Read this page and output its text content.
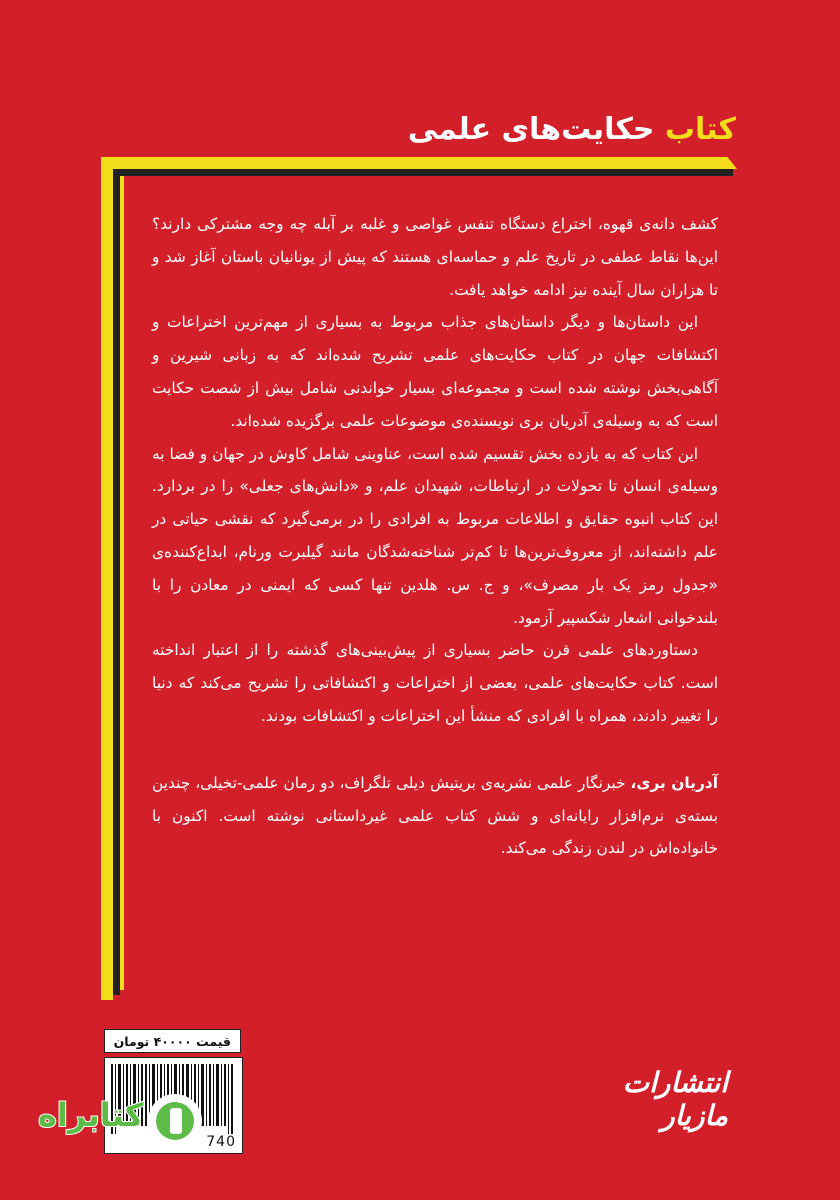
کتاب حکایت‌های علمی

کشف دانه‌ی قهوه، اختراع دستگاه تنفس غواصی و غلبه بر آبله چه وجه مشترکی دارند؟ این‌ها نقاط عطفی در تاریخ علم و حماسه‌ای هستند که پیش از یونانیان باستان آغاز شد و تا هزاران سال آینده نیز ادامه خواهد یافت.

این داستان‌ها و دیگر داستان‌های جذاب مربوط به بسیاری از مهم‌ترین اختراعات و اکتشافات جهان در کتاب حکایت‌های علمی تشریح شده‌اند که به زبانی شیرین و آگاهی‌بخش نوشته شده است و مجموعه‌ای بسیار خواندنی شامل بیش از شصت حکایت است که به وسیله‌ی آدریان بری نویسنده‌ی موضوعات علمی برگزیده شده‌اند.

این کتاب که به یازده بخش تقسیم شده است، عناوینی شامل کاوش در جهان و فضا به وسیله‌ی انسان تا تحولات در ارتباطات، شهیدان علم، و «دانش‌های جعلی» را در بردارد. این کتاب انبوه حقایق و اطلاعات مربوط به افرادی را در برمی‌گیرد که نقشی حیاتی در علم داشته‌اند، از معروف‌ترین‌ها تا کم‌تر شناخته‌شدگان مانند گیلبرت ورنام، ابداع‌کننده‌ی «جدول رمز یک بار مصرف»، و ج. س. هلدین تنها کسی که ایمنی در معادن را با بلندخوانی اشعار شکسپیر آزمود.

دستاوردهای علمی قرن حاضر بسیاری از پیش‌بینی‌های گذشته را از اعتبار انداخته است. کتاب حکایت‌های علمی، بعضی از اختراعات و اکتشافاتی را تشریح می‌کند که دنیا را تغییر دادند، همراه با افرادی که منشأ این اختراعات و اکتشافات بودند.

آدریان بری، خبرنگار علمی نشریه‌ی بریتیش دیلی تلگراف، دو رمان علمی-تخیلی، چندین بسته‌ی نرم‌افزار رایانه‌ای و شش کتاب علمی غیرداستانی نوشته است. اکنون با خانواده‌اش در لندن زندگی می‌کند.

قیمت ۴۰۰۰۰ تومان
740
انتشارات مازیار
کتابراه
